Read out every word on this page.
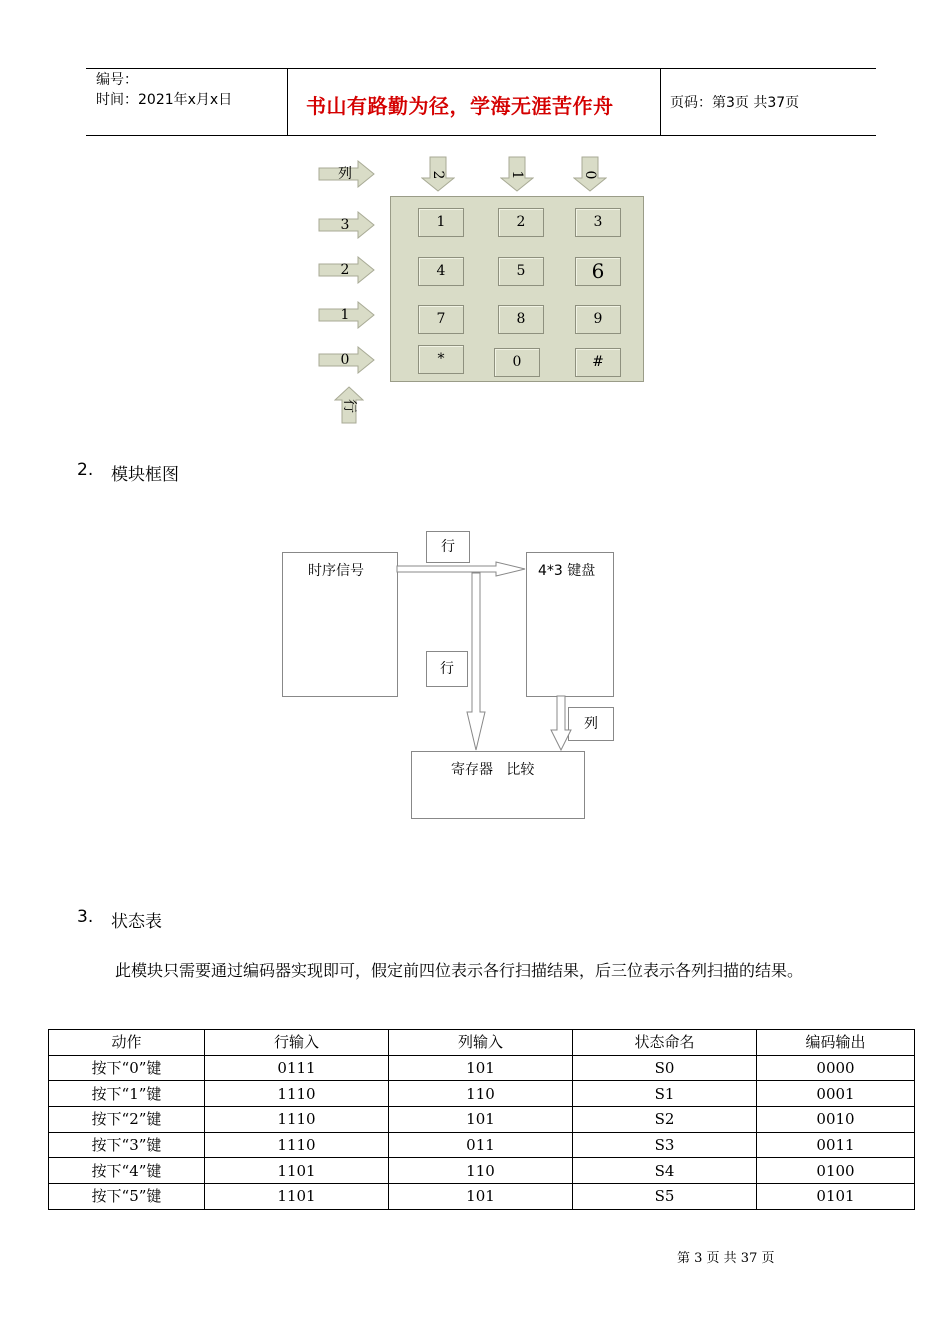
编号：
时间：2021年x月x日	书山有路勤为径，学海无涯苦作舟	页码：第3页 共37页
列
3
2
1
0
2	1	0
1	2	3
4	5	6
7	8	9
*	0	#
行
2. 模块框图
时序信号	4*3 键盘
寄存器   比较
行
行
列
3. 状态表
此模块只需要通过编码器实现即可，假定前四位表示各行扫描结果，后三位表示各列扫描的结果。
动作	行输入	列输入	状态命名	编码输出
按下“0”键	0111	101	S0	0000
按下“1”键	1110	110	S1	0001
按下“2”键	1110	101	S2	0010
按下“3”键	1110	011	S3	0011
按下“4”键	1101	110	S4	0100
按下“5”键	1101	101	S5	0101
第 3 页 共 37 页
